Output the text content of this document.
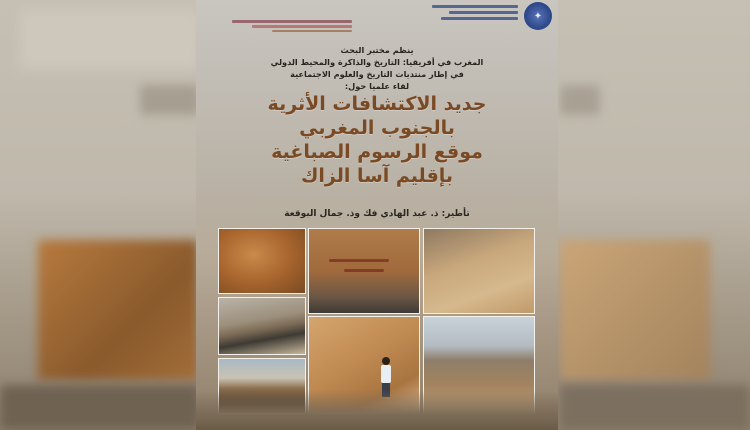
✦
ينظم مختبر البحث
المغرب في أفريقيا: التاريخ والذاكرة والمحيط الدولي
في إطار منتديات التاريخ والعلوم الاجتماعية
لقاء علميا حول:
جديد الاكتشافات الأثرية
بالجنوب المغربي
موقع الرسوم الصباغية
بإقليم آسا الزاك
تأطير: ذ. عبد الهادي فك وذ. جمال البوقعة
